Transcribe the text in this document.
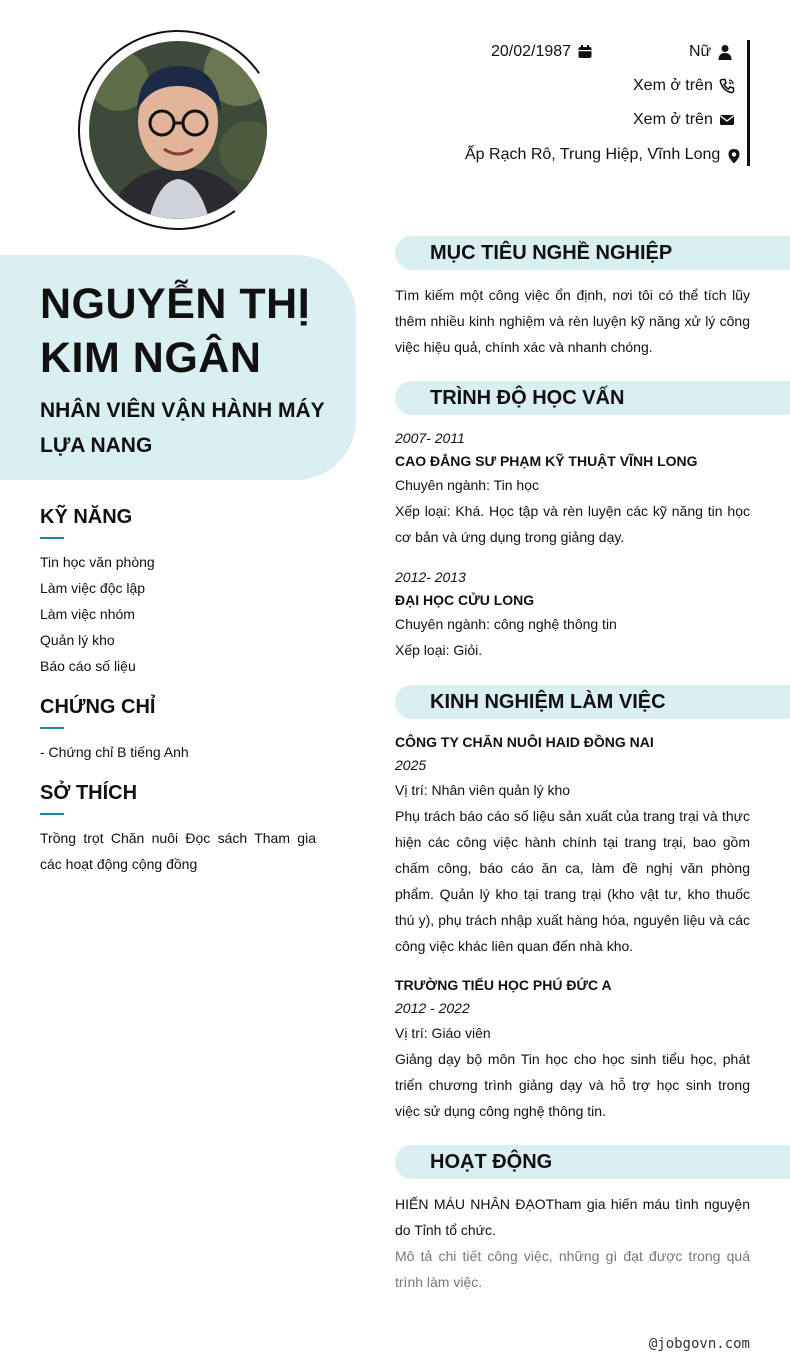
20/02/1987	Nữ
Xem ở trên
Xem ở trên
Ấp Rạch Rô, Trung Hiệp, Vĩnh Long
NGUYỄN THỊ
KIM NGÂN
NHÂN VIÊN VẬN HÀNH MÁY
LỰA NANG
KỸ NĂNG
Tin học văn phòng
Làm việc độc lập
Làm việc nhóm
Quản lý kho
Báo cáo số liệu
CHỨNG CHỈ
- Chứng chỉ B tiếng Anh
SỞ THÍCH
Trồng trọt Chăn nuôi Đọc sách Tham gia các hoạt động cộng đồng
MỤC TIÊU NGHỀ NGHIỆP
Tìm kiếm một công việc ổn định, nơi tôi có thể tích lũy thêm nhiều kinh nghiệm và rèn luyện kỹ năng xử lý công việc hiệu quả, chính xác và nhanh chóng.
TRÌNH ĐỘ HỌC VẤN
2007- 2011
CAO ĐẲNG SƯ PHẠM KỸ THUẬT VĨNH LONG
Chuyên ngành: Tin học
Xếp loại: Khá. Học tập và rèn luyện các kỹ năng tin học cơ bản và ứng dụng trong giảng dạy.
2012- 2013
ĐẠI HỌC CỬU LONG
Chuyên ngành: công nghệ thông tin
Xếp loại: Giỏi.
KINH NGHIỆM LÀM VIỆC
CÔNG TY CHĂN NUÔI HAID ĐỒNG NAI
2025
Vị trí: Nhân viên quản lý kho
Phụ trách báo cáo số liệu sản xuất của trang trại và thực hiện các công việc hành chính tại trang trại, bao gồm chấm công, báo cáo ăn ca, làm đề nghị văn phòng phẩm. Quản lý kho tại trang trại (kho vật tư, kho thuốc thú y), phụ trách nhập xuất hàng hóa, nguyên liệu và các công việc khác liên quan đến nhà kho.
TRƯỜNG TIỂU HỌC PHÚ ĐỨC A
2012 - 2022
Vị trí: Giáo viên
Giảng dạy bộ môn Tin học cho học sinh tiểu học, phát triển chương trình giảng dạy và hỗ trợ học sinh trong việc sử dụng công nghệ thông tin.
HOẠT ĐỘNG
HIẾN MÁU NHÂN ĐẠOTham gia hiến máu tình nguyện do Tỉnh tổ chức.
Mô tả chi tiết công việc, những gì đạt được trong quá trình làm việc.
@jobgovn.com
